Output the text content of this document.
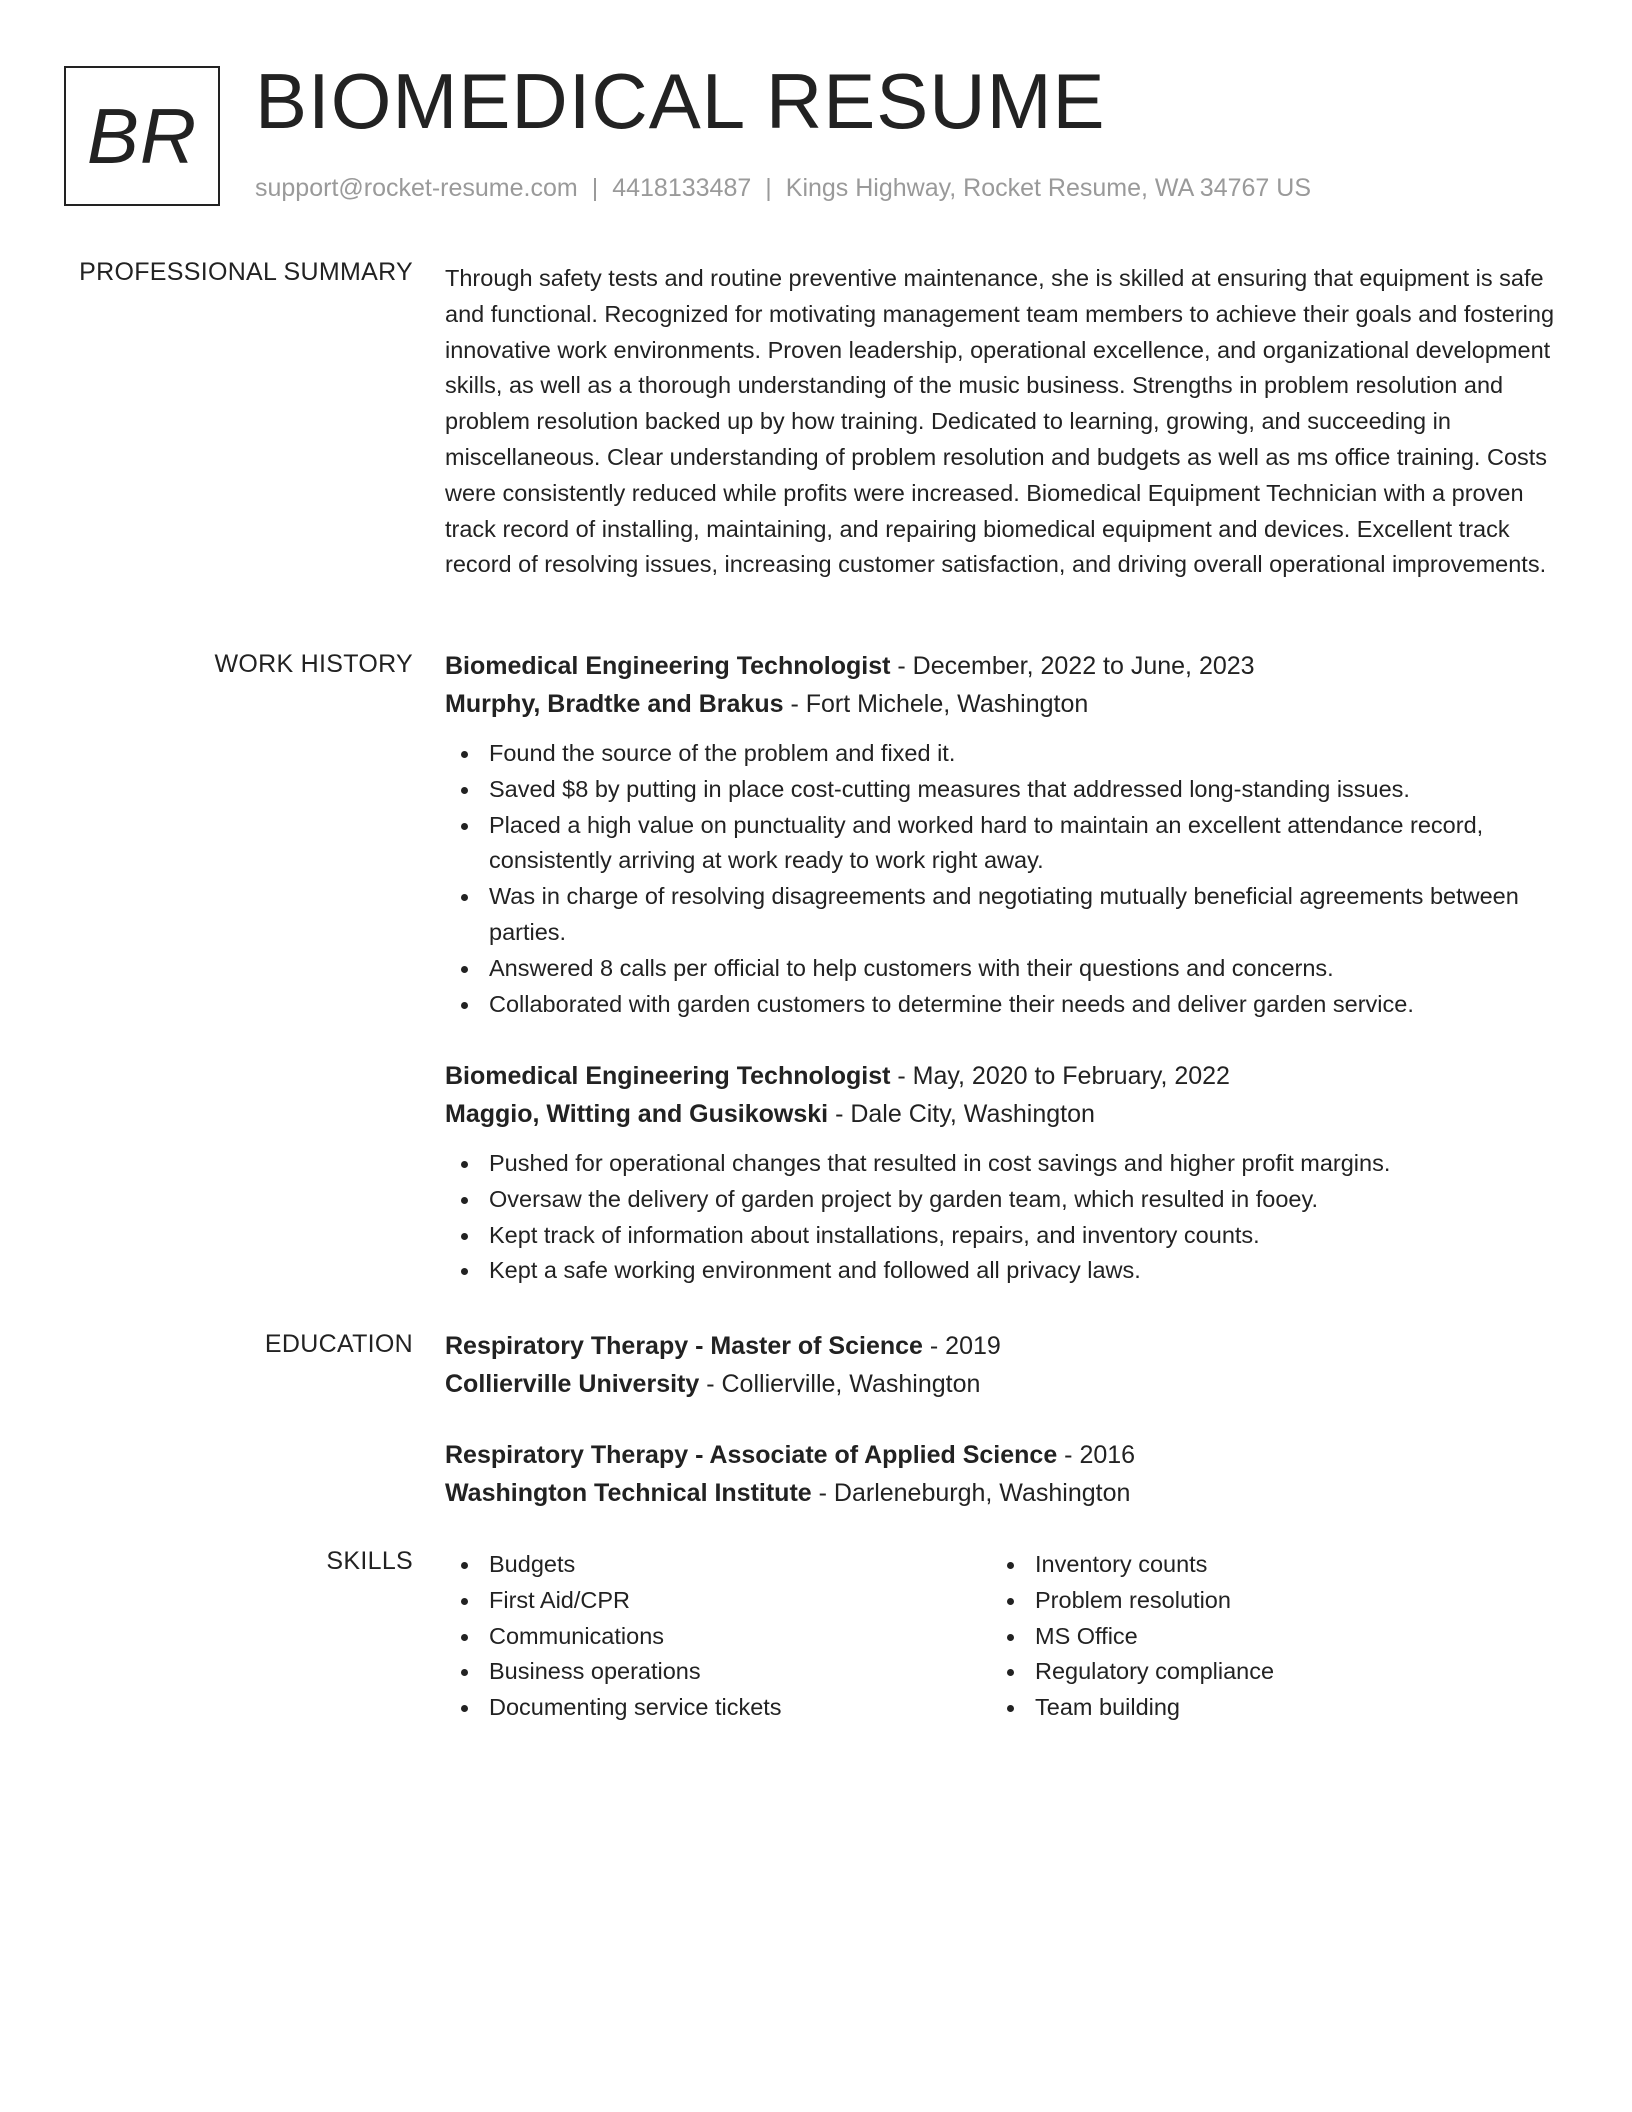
BR BIOMEDICAL RESUME
support@rocket-resume.com | 4418133487 | Kings Highway, Rocket Resume, WA 34767 US
PROFESSIONAL SUMMARY Through safety tests and routine preventive maintenance, she is skilled at ensuring that equipment is safe and functional. Recognized for motivating management team members to achieve their goals and fostering innovative work environments. Proven leadership, operational excellence, and organizational development skills, as well as a thorough understanding of the music business. Strengths in problem resolution and problem resolution backed up by how training. Dedicated to learning, growing, and succeeding in miscellaneous. Clear understanding of problem resolution and budgets as well as ms office training. Costs were consistently reduced while profits were increased. Biomedical Equipment Technician with a proven track record of installing, maintaining, and repairing biomedical equipment and devices. Excellent track record of resolving issues, increasing customer satisfaction, and driving overall operational improvements.
WORK HISTORY Biomedical Engineering Technologist - December, 2022 to June, 2023
Murphy, Bradtke and Brakus - Fort Michele, Washington
Found the source of the problem and fixed it.
Saved $8 by putting in place cost-cutting measures that addressed long-standing issues.
Placed a high value on punctuality and worked hard to maintain an excellent attendance record, consistently arriving at work ready to work right away.
Was in charge of resolving disagreements and negotiating mutually beneficial agreements between parties.
Answered 8 calls per official to help customers with their questions and concerns.
Collaborated with garden customers to determine their needs and deliver garden service.
Biomedical Engineering Technologist - May, 2020 to February, 2022
Maggio, Witting and Gusikowski - Dale City, Washington
Pushed for operational changes that resulted in cost savings and higher profit margins.
Oversaw the delivery of garden project by garden team, which resulted in fooey.
Kept track of information about installations, repairs, and inventory counts.
Kept a safe working environment and followed all privacy laws.
EDUCATION Respiratory Therapy - Master of Science - 2019
Collierville University - Collierville, Washington
Respiratory Therapy - Associate of Applied Science - 2016
Washington Technical Institute - Darleneburgh, Washington
SKILLS	Budgets
First Aid/CPR
Communications
Business operations
Documenting service tickets
Inventory counts
Problem resolution
MS Office
Regulatory compliance
Team building
